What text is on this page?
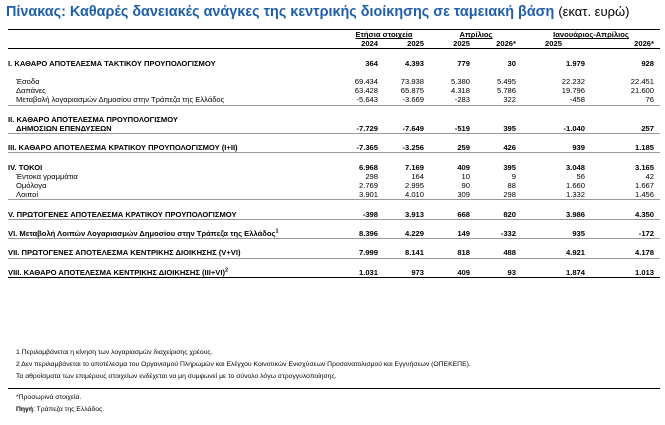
Πίνακας: Καθαρές δανειακές ανάγκες της κεντρικής διοίκησης σε ταμειακή βάση (εκατ. ευρώ)
	Ετήσια στοιχεία		Απρίλιος		Ιανουάριος-Απρίλιος	
	2024	2025	2025	2026*	2025	2026*

I. ΚΑΘΑΡΟ ΑΠΟΤΕΛΕΣΜΑ ΤΑΚΤΙΚΟΥ ΠΡΟΥΠΟΛΟΓΙΣΜΟΥ	364	4.393	779	30	1.979	928

Έσοδα	69.434	73.938	5.380	5.495	22.232	22.451
Δαπάνες	63.428	65.875	4.318	5.786	19.796	21.600
Μεταβολή λογαριασμών Δημοσίου στην Τράπεζα της Ελλάδος	-5.643	-3.669	-283	322	-458	76

II. ΚΑΘΑΡΟ ΑΠΟΤΕΛΕΣΜΑ ΠΡΟΥΠΟΛΟΓΙΣΜΟΥ						
ΔΗΜΟΣΙΩΝ ΕΠΕΝΔΥΣΕΩΝ	-7.729	-7.649	-519	395	-1.040	257

III. ΚΑΘΑΡΟ ΑΠΟΤΕΛΕΣΜΑ ΚΡΑΤΙΚΟΥ ΠΡΟΥΠΟΛΟΓΙΣΜΟΥ (I+II)	-7.365	-3.256	259	426	939	1.185

IV. ΤΟΚΟΙ	6.968	7.169	409	395	3.048	3.165
Έντοκα γραμμάτια	298	164	10	9	56	42
Ομόλογα	2.769	2.995	90	88	1.660	1.667
Λοιποί	3.901	4.010	309	298	1.332	1.456

V. ΠΡΩΤΟΓΕΝΕΣ ΑΠΟΤΕΛΕΣΜΑ ΚΡΑΤΙΚΟΥ ΠΡΟΥΠΟΛΟΓΙΣΜΟΥ	-398	3.913	668	820	3.986	4.350

VI. Μεταβολή Λοιπών Λογαριασμών Δημοσίου στην Τράπεζα της Ελλάδος$^1$	8.396	4.229	149	-332	935	-172

VII. ΠΡΩΤΟΓΕΝΕΣ ΑΠΟΤΕΛΕΣΜΑ ΚΕΝΤΡΙΚΗΣ ΔΙΟΙΚΗΣΗΣ (V+VI)	7.999	8.141	818	488	4.921	4.178

VIII. ΚΑΘΑΡΟ ΑΠΟΤΕΛΕΣΜΑ ΚΕΝΤΡΙΚΗΣ ΔΙΟΙΚΗΣΗΣ $(III+VI)^2$	1.031	973	409	93	1.874	1.013
1 Περιλαμβάνεται η κίνηση των λογαριασμών διαχείρισης χρέους.
2 Δεν περιλαμβάνεται το αποτέλεσμα του Οργανισμού Πληρωμών και Ελέγχου Κοινοτικών Ενισχύσεων Προσανατολισμού και Εγγυήσεων (ΟΠΕΚΕΠΕ).
Τα αθροίσματα των επιμέρους στοιχείων ενδέχεται να μη συμφωνεί με το σύνολο λόγω στρογγυλοποίησης.
*Προσωρινά στοιχεία.
Πηγή: Τράπεζα της Ελλάδος.
